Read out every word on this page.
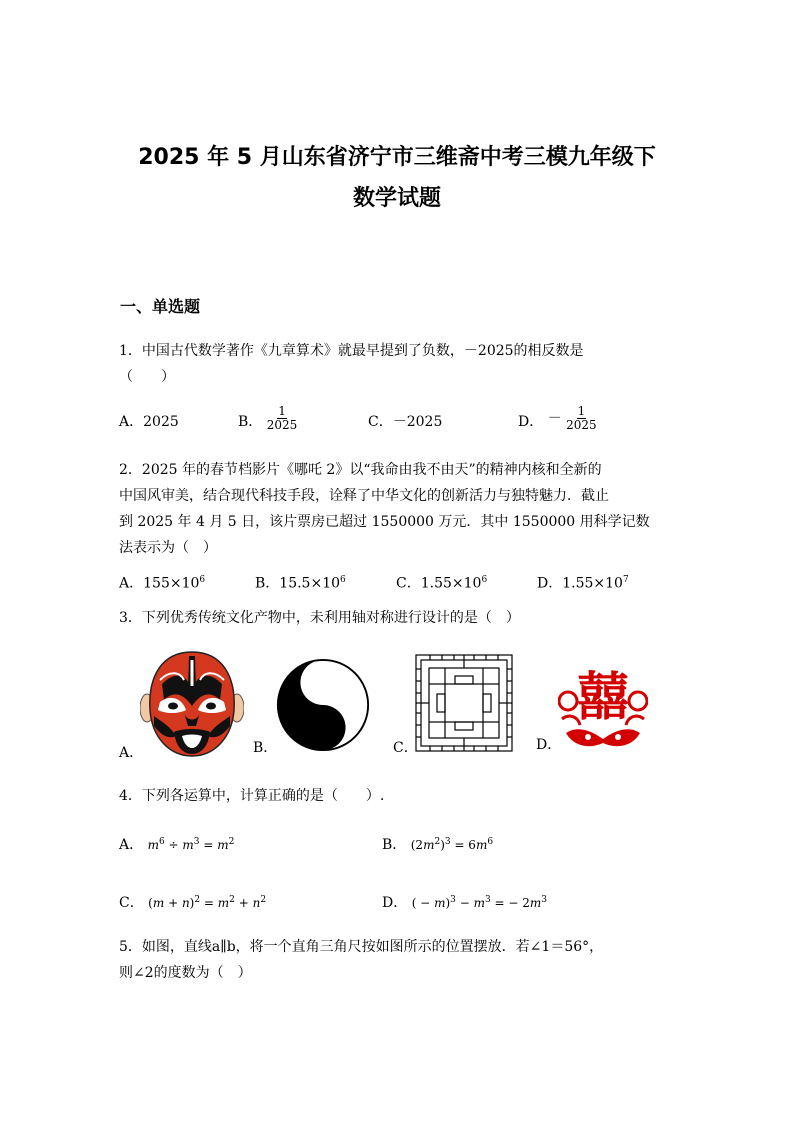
2025 年 5 月山东省济宁市三维斋中考三模九年级下
数学试题
一、单选题
1．中国古代数学著作《九章算术》就最早提到了负数，－2025的相反数是
（　　）
A．2025	B． $\frac{1}{2025}$	C．－2025	D． － $\frac{1}{2025}$
2．2025 年的春节档影片《哪吒 2》以“我命由我不由天”的精神内核和全新的
中国风审美，结合现代科技手段，诠释了中华文化的创新活力与独特魅力．截止
到 2025 年 4 月 5 日，该片票房已超过 1550000 万元．其中 1550000 用科学记数
法表示为（　）
A．$155\times 10^6$	B．$15.5\times 10^6$	C．$1.55\times 10^6$	D．$1.55\times 10^7$
3．下列优秀传统文化产物中，未利用轴对称进行设计的是（　）
A．	B．	C．	D．
囍
4．下列各运算中，计算正确的是（　　）.
A． $m^6 \div m^3 = m^2$	B． $(2m^2)^3 = 6m^6$
C． $(m + n)^2 = m^2 + n^2$	D． ( − $m)^3 - m^3$ = − $2m^3$
5．如图，直线a∥b，将一个直角三角尺按如图所示的位置摆放．若∠1＝56°，
则∠2的度数为（　）
